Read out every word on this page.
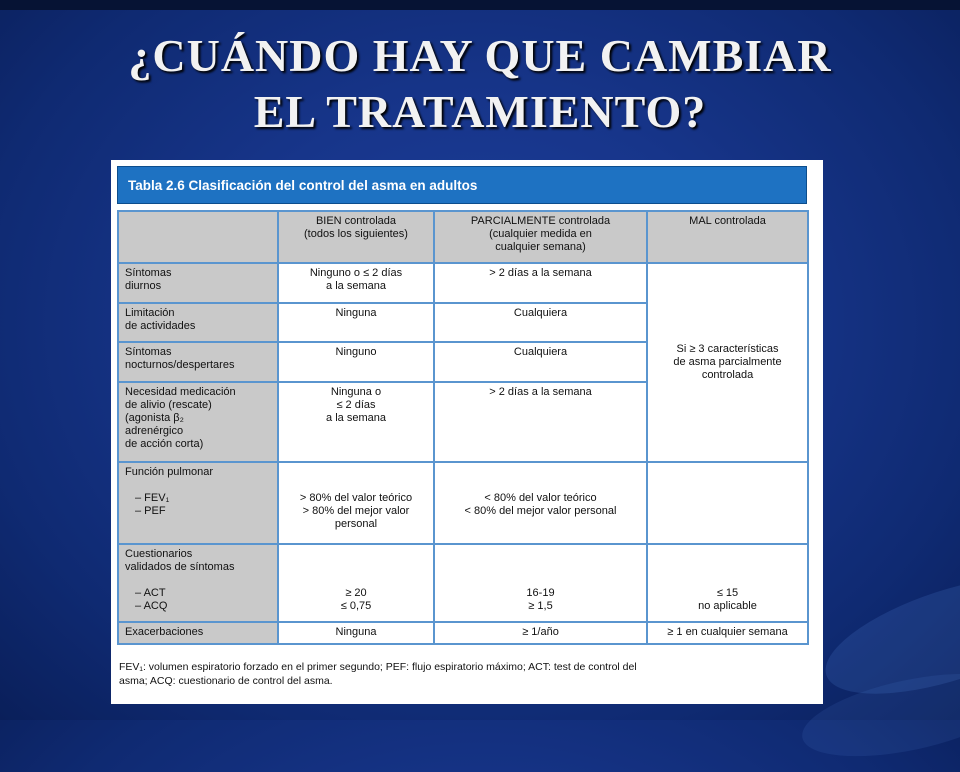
¿CUÁNDO HAY QUE CAMBIAR
EL TRATAMIENTO?
Tabla 2.6 Clasificación del control del asma en adultos

	BIEN controlada
(todos los siguientes)	PARCIALMENTE controlada
(cualquier medida en
cualquier semana)	MAL controlada

Síntomas
diurnos	Ninguno o ≤ 2 días
a la semana	> 2 días a la semana	Si ≥ 3 características
de asma parcialmente
controlada

Limitación
de actividades	Ninguna	Cualquiera	

Síntomas
nocturnos/despertares	Ninguno	Cualquiera	

Necesidad medicación
de alivio (rescate)
(agonista β₂
adrenérgico
de acción corta)	Ninguna o
≤ 2 días
a la semana	> 2 días a la semana	

Función pulmonar
– FEV₁
– PEF	> 80% del valor teórico
> 80% del mejor valor
personal	< 80% del valor teórico
< 80% del mejor valor personal	

Cuestionarios
validados de síntomas
– ACT
– ACQ	≥ 20
≤ 0,75	16-19
≥ 1,5	≤ 15
no aplicable

Exacerbaciones	Ninguna	≥ 1/año	≥ 1 en cualquier semana
FEV₁: volumen espiratorio forzado en el primer segundo; PEF: flujo espiratorio máximo; ACT: test de control del
asma; ACQ: cuestionario de control del asma.
